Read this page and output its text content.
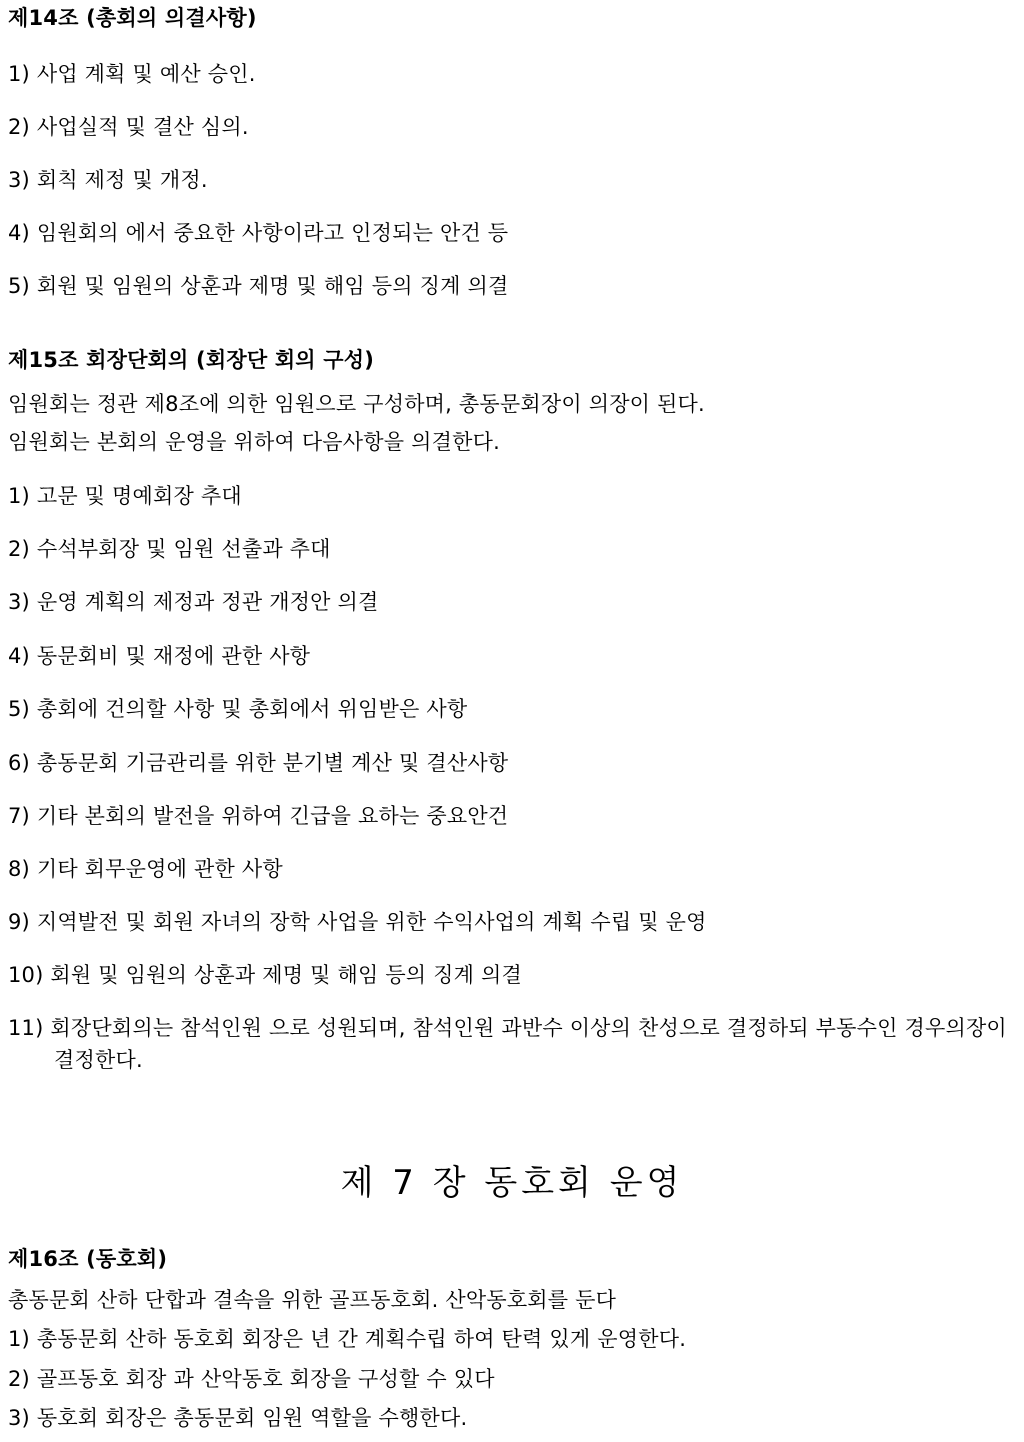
제14조 (총회의 의결사항)
1) 사업 계획 및 예산 승인.
2) 사업실적 및 결산 심의.
3) 회칙 제정 및 개정.
4) 임원회의 에서 중요한 사항이라고 인정되는 안건 등
5) 회원 및 임원의 상훈과 제명 및 해임 등의 징계 의결
제15조 회장단회의 (회장단 회의 구성)
임원회는 정관 제8조에 의한 임원으로 구성하며, 총동문회장이 의장이 된다.
임원회는 본회의 운영을 위하여 다음사항을 의결한다.
1) 고문 및 명예회장 추대
2) 수석부회장 및 임원 선출과 추대
3) 운영 계획의 제정과 정관 개정안 의결
4) 동문회비 및 재정에 관한 사항
5) 총회에 건의할 사항 및 총회에서 위임받은 사항
6) 총동문회 기금관리를 위한 분기별 계산 및 결산사항
7) 기타 본회의 발전을 위하여 긴급을 요하는 중요안건
8) 기타 회무운영에 관한 사항
9) 지역발전 및 회원 자녀의 장학 사업을 위한 수익사업의 계획 수립 및 운영
10) 회원 및 임원의 상훈과 제명 및 해임 등의 징계 의결
11) 회장단회의는 참석인원 으로 성원되며, 참석인원 과반수 이상의 찬성으로 결정하되 부동수인 경우의장이 결정한다.
제 7 장 동호회 운영
제16조 (동호회)
총동문회 산하 단합과 결속을 위한 골프동호회. 산악동호회를 둔다
1) 총동문회 산하 동호회 회장은 년 간 계획수립 하여 탄력 있게 운영한다.
2) 골프동호 회장 과 산악동호 회장을 구성할 수 있다
3) 동호회 회장은 총동문회 임원 역할을 수행한다.
